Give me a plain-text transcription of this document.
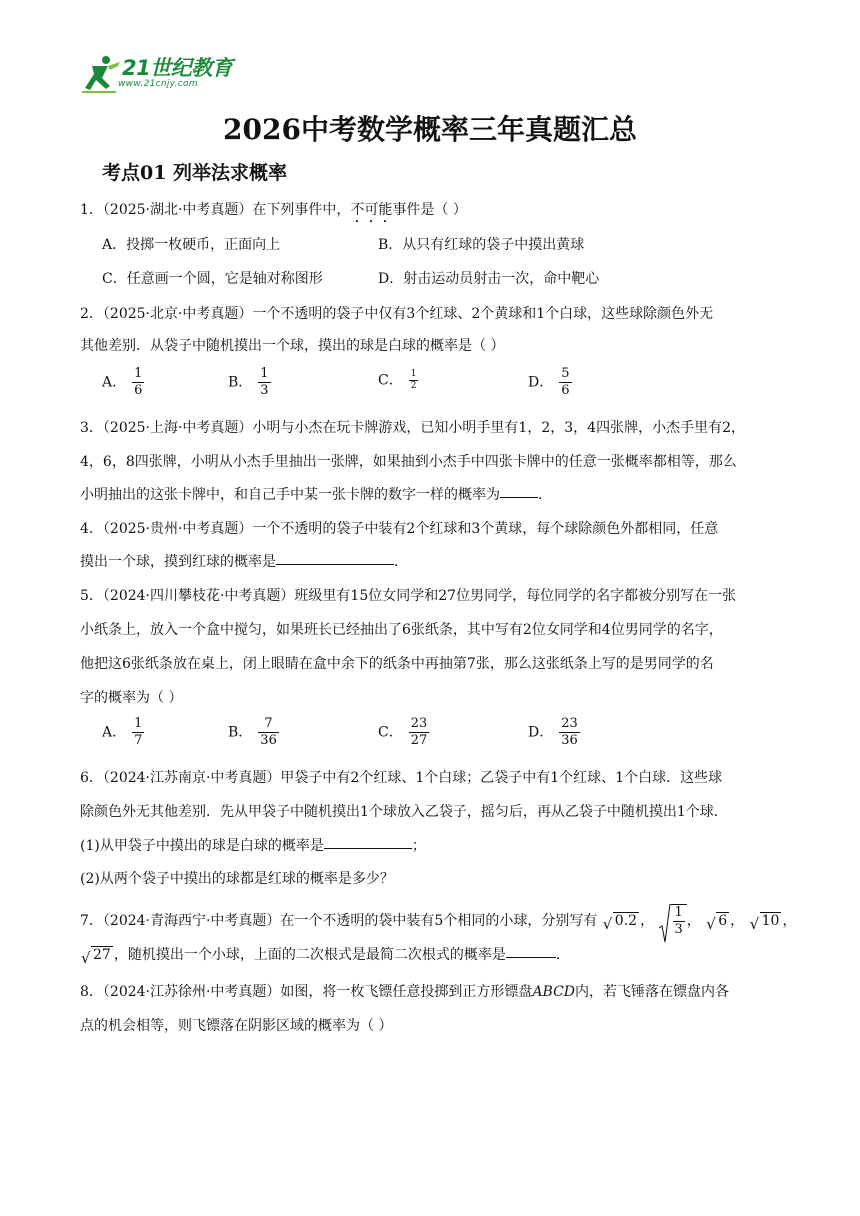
21世纪教育
www.21cnjy.com
2026中考数学概率三年真题汇总
考点01 列举法求概率
1．（2025·湖北·中考真题）在下列事件中，不可能事件是（ ）
A．投掷一枚硬币，正面向上	B．从只有红球的袋子中摸出黄球
C．任意画一个圆，它是轴对称图形	D．射击运动员射击一次，命中靶心
2．（2025·北京·中考真题）一个不透明的袋子中仅有3个红球、2个黄球和1个白球，这些球除颜色外无
其他差别．从袋子中随机摸出一个球，摸出的球是白球的概率是（ ）
A． $\frac{1}{6}$	B． $\frac{1}{3}$	C． $\frac{1}{2}$	D． $\frac{5}{6}$
3．（2025·上海·中考真题）小明与小杰在玩卡牌游戏，已知小明手里有1，2，3，4四张牌，小杰手里有2，
4，6，8四张牌，小明从小杰手里抽出一张牌，如果抽到小杰手中四张卡牌中的任意一张概率都相等，那么
小明抽出的这张卡牌中，和自己手中某一张卡牌的数字一样的概率为	．
4．（2025·贵州·中考真题）一个不透明的袋子中装有2个红球和3个黄球，每个球除颜色外都相同，任意
摸出一个球，摸到红球的概率是	．
5．（2024·四川攀枝花·中考真题）班级里有15位女同学和27位男同学，每位同学的名字都被分别写在一张
小纸条上，放入一个盒中搅匀，如果班长已经抽出了6张纸条，其中写有2位女同学和4位男同学的名字，
他把这6张纸条放在桌上，闭上眼睛在盒中余下的纸条中再抽第7张，那么这张纸条上写的是男同学的名
字的概率为（ ）
A． $\frac{1}{7}$	B． $\frac{7}{36}$	C． $\frac{23}{27}$	D． $\frac{23}{36}$
6．（2024·江苏南京·中考真题）甲袋子中有2个红球、1个白球；乙袋子中有1个红球、1个白球．这些球
除颜色外无其他差别．先从甲袋子中随机摸出1个球放入乙袋子，摇匀后，再从乙袋子中随机摸出1个球．
(1)从甲袋子中摸出的球是白球的概率是	；
(2)从两个袋子中摸出的球都是红球的概率是多少？
7．（2024·青海西宁·中考真题）在一个不透明的袋中装有5个相同的小球，分别写有 √ 0.2 ， $\frac{1}{3}$ ， √ 6 ， √ 10 ，
√ 27 ，随机摸出一个小球，上面的二次根式是最简二次根式的概率是	．
8．（2024·江苏徐州·中考真题）如图，将一枚飞镖任意投掷到正方形镖盘ABCD内，若飞锤落在镖盘内各
点的机会相等，则飞镖落在阴影区域的概率为（ ）
